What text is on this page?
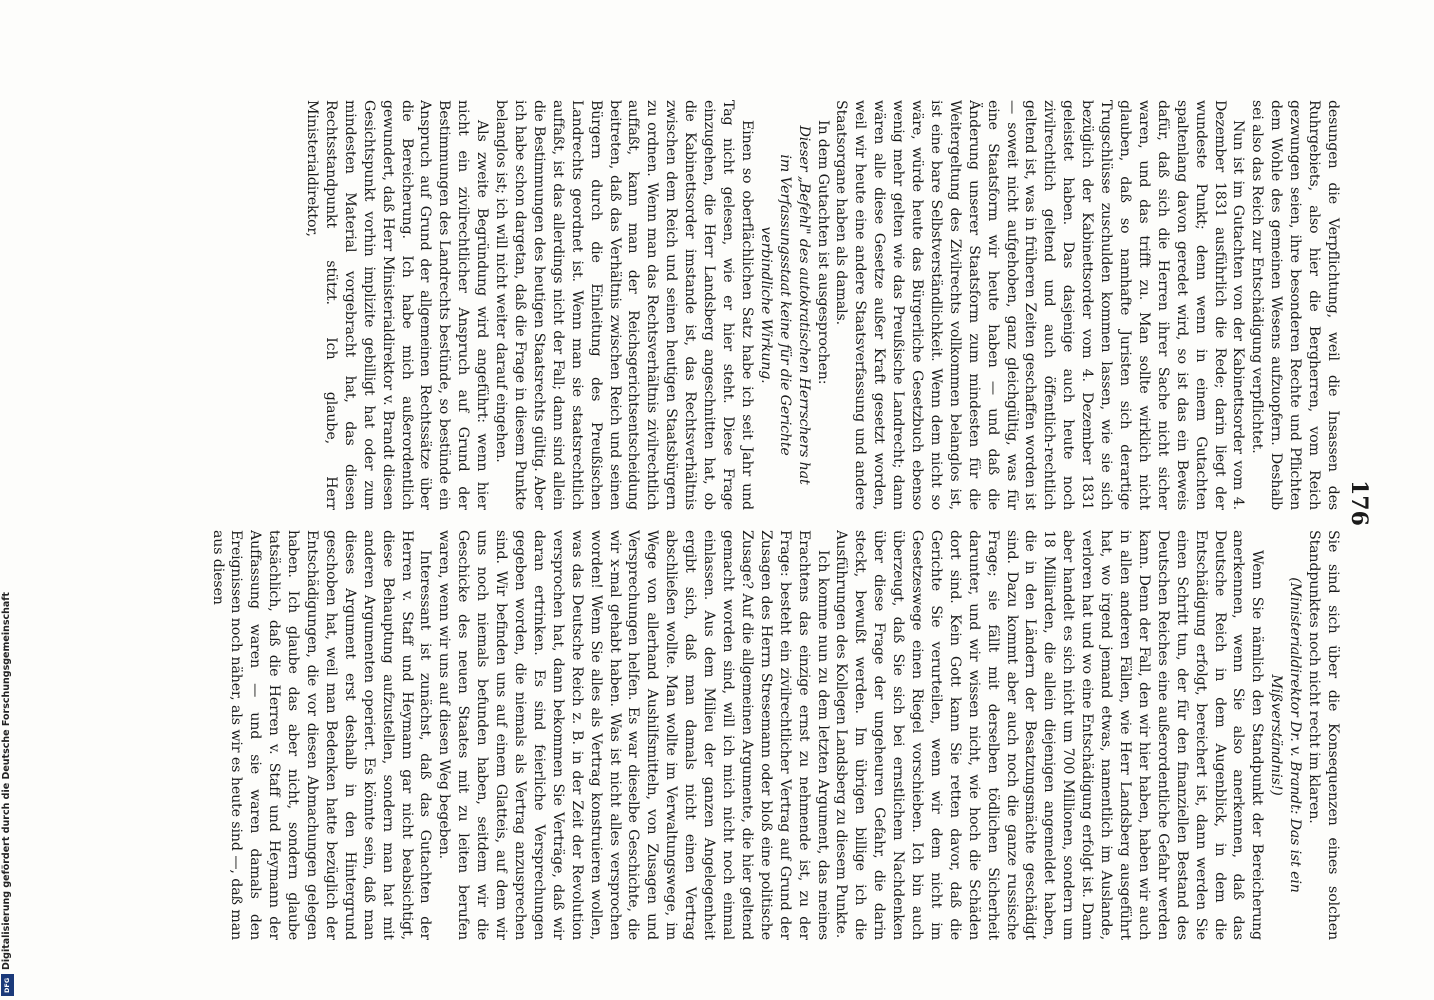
176

desungen die Verpflichtung, weil die Insassen des Ruhrgebiets, also hier die Bergherren, vom Reich gezwungen seien, ihre besonderen Rechte und Pflichten dem Wohle des gemeinen Wesens aufzuopfern. Deshalb sei also das Reich zur Entschädigung verpflichtet.

Nun ist im Gutachten von der Kabinettsorder vom 4. Dezember 1831 ausführlich die Rede; darin liegt der wundeste Punkt; denn wenn in einem Gutachten spaltenlang davon geredet wird, so ist das ein Beweis dafür, daß sich die Herren ihrer Sache nicht sicher waren, und das trifft zu. Man sollte wirklich nicht glauben, daß so namhafte Juristen sich derartige Trugschlüsse zuschulden kommen lassen, wie sie sich bezüglich der Kabinettsorder vom 4. Dezember 1831 geleistet haben. Das dasjenige auch heute noch zivilrechtlich geltend und auch öffentlich-rechtlich geltend ist, was in früheren Zeiten geschaffen worden ist — soweit nicht aufgehoben, ganz gleichgültig, was für eine Staatsform wir heute haben — und daß die Änderung unserer Staatsform zum mindesten für die Weitergeltung des Zivilrechts vollkommen belanglos ist, ist eine bare Selbstverständlichkeit. Wenn dem nicht so wäre, würde heute das Bürgerliche Gesetzbuch ebenso wenig mehr gelten wie das Preußische Landrecht; dann wären alle diese Gesetze außer Kraft gesetzt worden, weil wir heute eine andere Staatsverfassung und andere Staatsorgane haben als damals.

In dem Gutachten ist ausgesprochen:

Dieser „Befehl" des autokratischen Herrschers hat im Verfassungsstaat keine für die Gerichte verbindliche Wirkung.

Einen so oberflächlichen Satz habe ich seit Jahr und Tag nicht gelesen, wie er hier steht. Diese Frage einzugehen, die Herr Landsberg angeschnitten hat, ob die Kabinettsorder imstande ist, das Rechtsverhältnis zwischen dem Reich und seinen heutigen Staatsbürgern zu ordnen. Wenn man das Rechtsverhältnis zivilrechtlich auffaßt, kann man der Reichsgerichtsentscheidung beitreten, daß das Verhältnis zwischen Reich und seinen Bürgern durch die Einleitung des Preußischen Landrechts geordnet ist. Wenn man sie staatsrechtlich auffaßt, ist das allerdings nicht der Fall; dann sind allein die Bestimmungen des heutigen Staatsrechts gültig. Aber ich habe schon dargetan, daß die Frage in diesem Punkte belanglos ist; ich will nicht weiter darauf eingehen.

Als zweite Begründung wird angeführt: wenn hier nicht ein zivilrechtlicher Anspruch auf Grund der Bestimmungen des Landrechts bestünde, so bestünde ein Anspruch auf Grund der allgemeinen Rechtssätze über die Bereicherung. Ich habe mich außerordentlich gewundert, daß Herr Ministerialdirektor v. Brandt diesen Gesichtspunkt vorhin implizite gebilligt hat oder zum mindesten Material vorgebracht hat, das diesen Rechtsstandpunkt stützt. Ich glaube, Herr Ministerialdirektor,

Sie sind sich über die Konsequenzen eines solchen Standpunktes noch nicht recht im klaren.

(Ministerialdirektor Dr. v. Brandt: Das ist ein Mißverständnis!)

Wenn Sie nämlich den Standpunkt der Bereicherung anerkennen, wenn Sie also anerkennen, daß das Deutsche Reich in dem Augenblick, in dem die Entschädigung erfolgt, bereichert ist, dann werden Sie einen Schritt tun, der für den finanziellen Bestand des Deutschen Reiches eine außerordentliche Gefahr werden kann. Denn der Fall, den wir hier haben, haben wir auch in allen anderen Fällen, wie Herr Landsberg ausgeführt hat, wo irgend jemand etwas, namentlich im Auslande, verloren hat und wo eine Entschädigung erfolgt ist. Dann aber handelt es sich nicht um 700 Millionen, sondern um 18 Milliarden, die allein diejenigen angemeldet haben, die in den Ländern der Besatzungsmächte geschädigt sind. Dazu kommt aber auch noch die ganze russische Frage; sie fällt mit derselben tödlichen Sicherheit darunter, und wir wissen nicht, wie hoch die Schäden dort sind. Kein Gott kann Sie retten davor, daß die Gerichte Sie verurteilen, wenn wir dem nicht im Gesetzeswege einen Riegel vorschieben. Ich bin auch überzeugt, daß Sie sich bei ernstlichem Nachdenken über diese Frage der ungeheuren Gefahr, die darin steckt, bewußt werden. Im übrigen billige ich die Ausführungen des Kollegen Landsberg zu diesem Punkte.

Ich komme nun zu dem letzten Argument, das meines Erachtens das einzige ernst zu nehmende ist, zu der Frage: besteht ein zivilrechtlicher Vertrag auf Grund der Zusagen des Herrn Stresemann oder bloß eine politische Zusage? Auf die allgemeinen Argumente, die hier geltend gemacht worden sind, will ich mich nicht noch einmal einlassen. Aus dem Milieu der ganzen Angelegenheit ergibt sich, daß man damals nicht einen Vertrag abschließen wollte. Man wollte im Verwaltungswege, im Wege von allerhand Aushilfsmitteln, von Zusagen und Versprechungen helfen. Es war dieselbe Geschichte, die wir x-mal gehabt haben. Was ist nicht alles versprochen worden! Wenn Sie alles als Vertrag konstruieren wollen, was das Deutsche Reich z. B. in der Zeit der Revolution versprochen hat, dann bekommen Sie Verträge, daß wir daran ertrinken. Es sind feierliche Versprechungen gegeben worden, die niemals als Vertrag anzusprechen sind. Wir befinden uns auf einem Glatteis, auf dem wir uns noch niemals befunden haben, seitdem wir die Geschicke des neuen Staates mit zu leiten berufen waren, wenn wir uns auf diesen Weg begeben.

Interessant ist zunächst, daß das Gutachten der Herren v. Staff und Heymann gar nicht beabsichtigt, diese Behauptung aufzustellen, sondern man hat mit anderen Argumenten operiert. Es könnte sein, daß man dieses Argument erst deshalb in den Hintergrund geschoben hat, weil man Bedenken hatte bezüglich der Entschädigungen, die vor diesen Abmachungen gelegen haben. Ich glaube das aber nicht, sondern glaube tatsächlich, daß die Herren v. Staff und Heymann der Auffassung waren — und sie waren damals den Ereignissen noch näher, als wir es heute sind —, daß man aus diesen

Digitalisierung gefördert durch die Deutsche Forschungsgemeinschaft
DFG
